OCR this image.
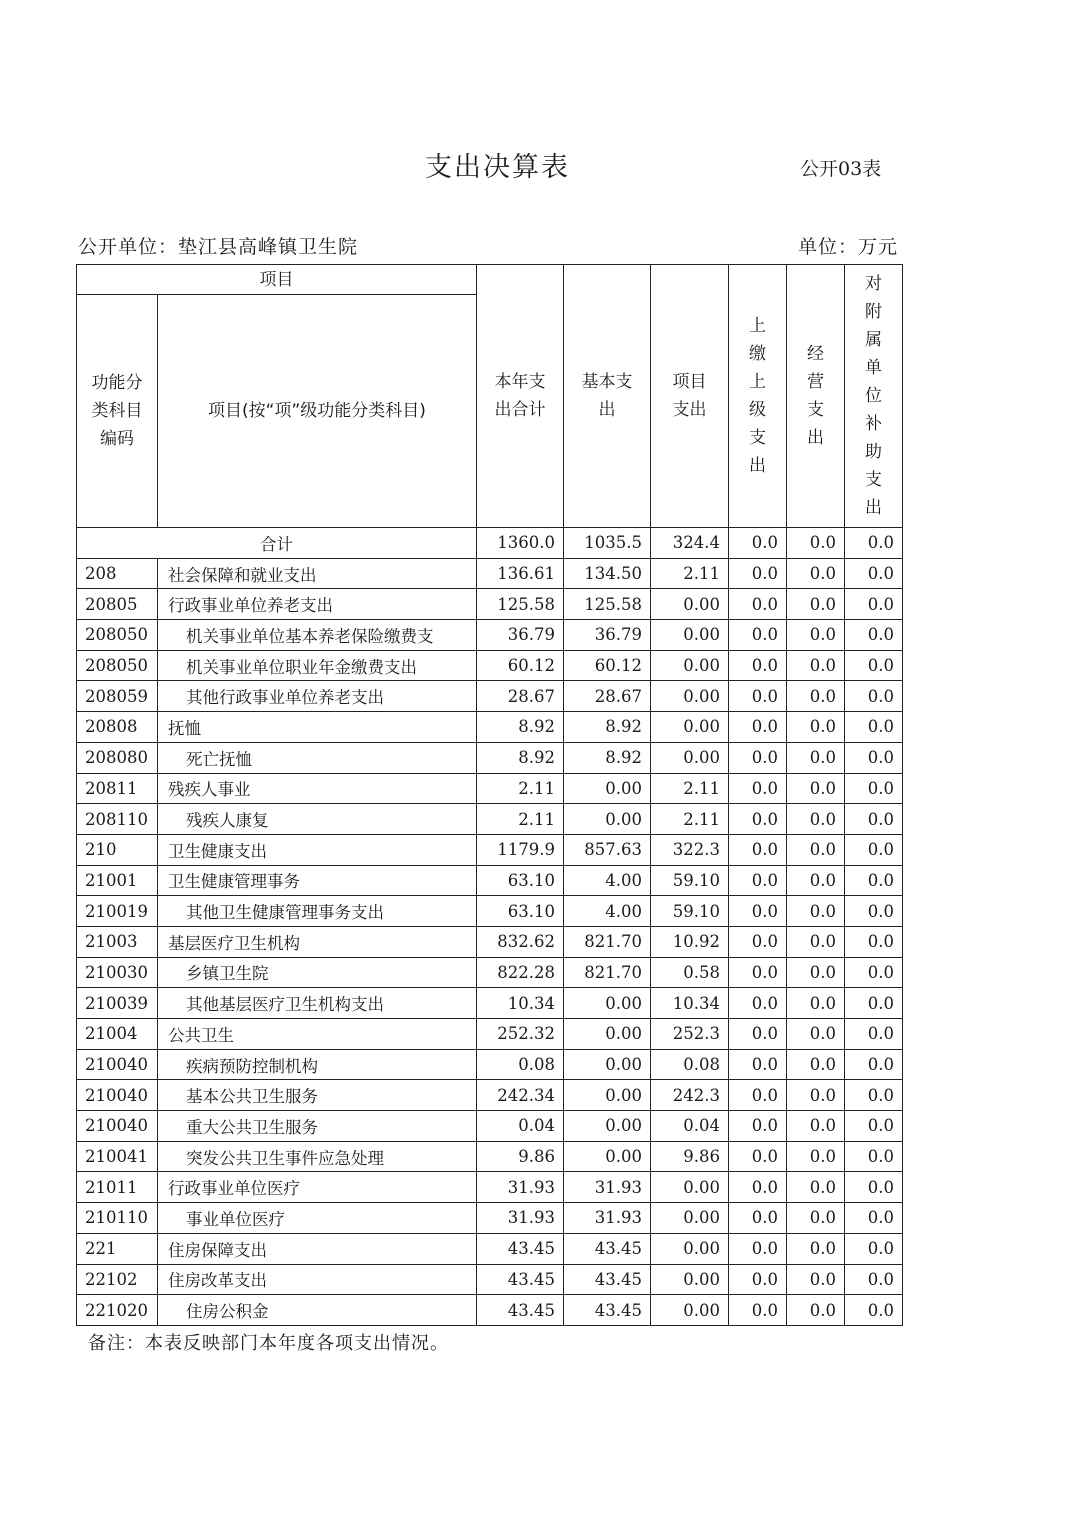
支出决算表	公开03表
公开单位：垫江县高峰镇卫生院	单位：万元
项目		本年支出合计	基本支出	项目支出	上缴上级支出	经营支出	对附属单位补助支出

功能分类科目编码	项目(按“项”级功能分类科目)						
合计		1360.0	1035.5	324.4	0.0	0.0	0.0
208	社会保障和就业支出	136.61	134.50	2.11	0.0	0.0	0.0
20805	行政事业单位养老支出	125.58	125.58	0.00	0.0	0.0	0.0
208050	机关事业单位基本养老保险缴费支	36.79	36.79	0.00	0.0	0.0	0.0
208050	机关事业单位职业年金缴费支出	60.12	60.12	0.00	0.0	0.0	0.0
208059	其他行政事业单位养老支出	28.67	28.67	0.00	0.0	0.0	0.0
20808	抚恤	8.92	8.92	0.00	0.0	0.0	0.0
208080	死亡抚恤	8.92	8.92	0.00	0.0	0.0	0.0
20811	残疾人事业	2.11	0.00	2.11	0.0	0.0	0.0
208110	残疾人康复	2.11	0.00	2.11	0.0	0.0	0.0
210	卫生健康支出	1179.9	857.63	322.3	0.0	0.0	0.0
21001	卫生健康管理事务	63.10	4.00	59.10	0.0	0.0	0.0
210019	其他卫生健康管理事务支出	63.10	4.00	59.10	0.0	0.0	0.0
21003	基层医疗卫生机构	832.62	821.70	10.92	0.0	0.0	0.0
210030	乡镇卫生院	822.28	821.70	0.58	0.0	0.0	0.0
210039	其他基层医疗卫生机构支出	10.34	0.00	10.34	0.0	0.0	0.0
21004	公共卫生	252.32	0.00	252.3	0.0	0.0	0.0
210040	疾病预防控制机构	0.08	0.00	0.08	0.0	0.0	0.0
210040	基本公共卫生服务	242.34	0.00	242.3	0.0	0.0	0.0
210040	重大公共卫生服务	0.04	0.00	0.04	0.0	0.0	0.0
210041	突发公共卫生事件应急处理	9.86	0.00	9.86	0.0	0.0	0.0
21011	行政事业单位医疗	31.93	31.93	0.00	0.0	0.0	0.0
210110	事业单位医疗	31.93	31.93	0.00	0.0	0.0	0.0
221	住房保障支出	43.45	43.45	0.00	0.0	0.0	0.0
22102	住房改革支出	43.45	43.45	0.00	0.0	0.0	0.0
221020	住房公积金	43.45	43.45	0.00	0.0	0.0	0.0
备注：本表反映部门本年度各项支出情况。
